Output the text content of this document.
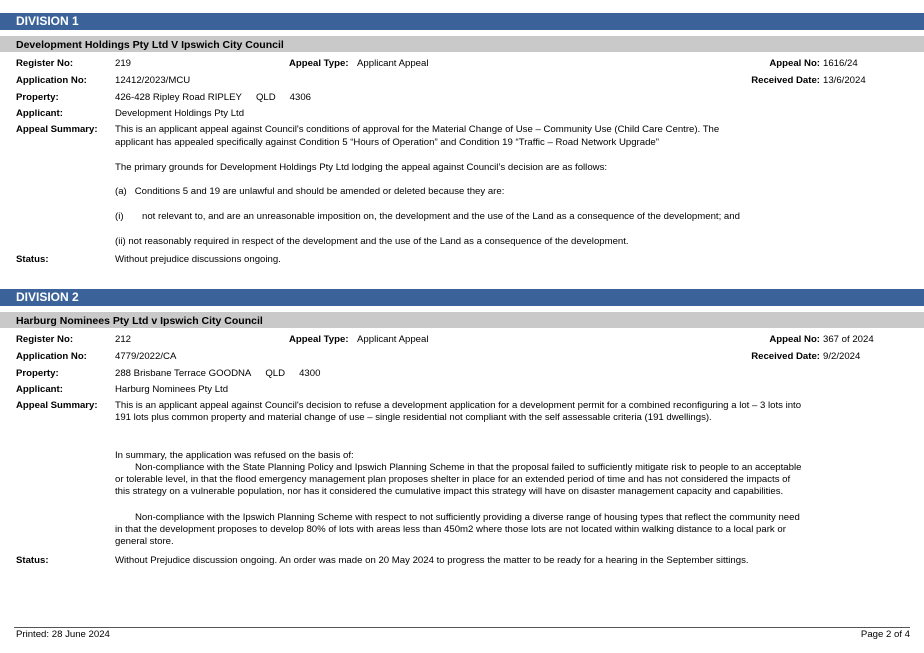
DIVISION 1
Development Holdings Pty Ltd V Ipswich City Council
Register No:	219	Appeal Type: Applicant Appeal	Appeal No: 1616/24
Application No:	12412/2023/MCU	Received Date: 13/6/2024
Property:	426-428 Ripley Road RIPLEY QLD 4306
Applicant:	Development Holdings Pty Ltd
Appeal Summary: This is an applicant appeal against Council's conditions of approval for the Material Change of Use – Community Use (Child Care Centre). The
applicant has appealed specifically against Condition 5 “Hours of Operation” and Condition 19 “Traffic – Road Network Upgrade”
The primary grounds for Development Holdings Pty Ltd lodging the appeal against Council’s decision are as follows:
(a) Conditions 5 and 19 are unlawful and should be amended or deleted because they are:
(i) not relevant to, and are an unreasonable imposition on, the development and the use of the Land as a consequence of the development; and
(ii) not reasonably required in respect of the development and the use of the Land as a consequence of the development.
Status:	Without prejudice discussions ongoing.
DIVISION 2
Harburg Nominees Pty Ltd v Ipswich City Council
Register No:	212	Appeal Type: Applicant Appeal	Appeal No: 367 of 2024
Application No:	4779/2022/CA	Received Date: 9/2/2024
Property:	288 Brisbane Terrace GOODNA QLD 4300
Applicant:	Harburg Nominees Pty Ltd
Appeal Summary: This is an applicant appeal against Council's decision to refuse a development application for a development permit for a combined reconfiguring a lot – 3 lots into 191 lots plus common property and material change of use – single residential not compliant with the self assessable criteria (191 dwellings).
In summary, the application was refused on the basis of:
Non-compliance with the State Planning Policy and Ipswich Planning Scheme in that the proposal failed to sufficiently mitigate risk to people to an acceptable or tolerable level, in that the flood emergency management plan proposes shelter in place for an extended period of time and has not considered the impacts of this strategy on a vulnerable population, nor has it considered the cumulative impact this strategy will have on disaster management capacity and capabilities.
Non-compliance with the Ipswich Planning Scheme with respect to not sufficiently providing a diverse range of housing types that reflect the community need in that the development proposes to develop 80% of lots with areas less than 450m2 where those lots are not located within walking distance to a local park or general store.
Status:	Without Prejudice discussion ongoing. An order was made on 20 May 2024 to progress the matter to be ready for a hearing in the September sittings.
Printed: 28 June 2024	Page 2 of 4
